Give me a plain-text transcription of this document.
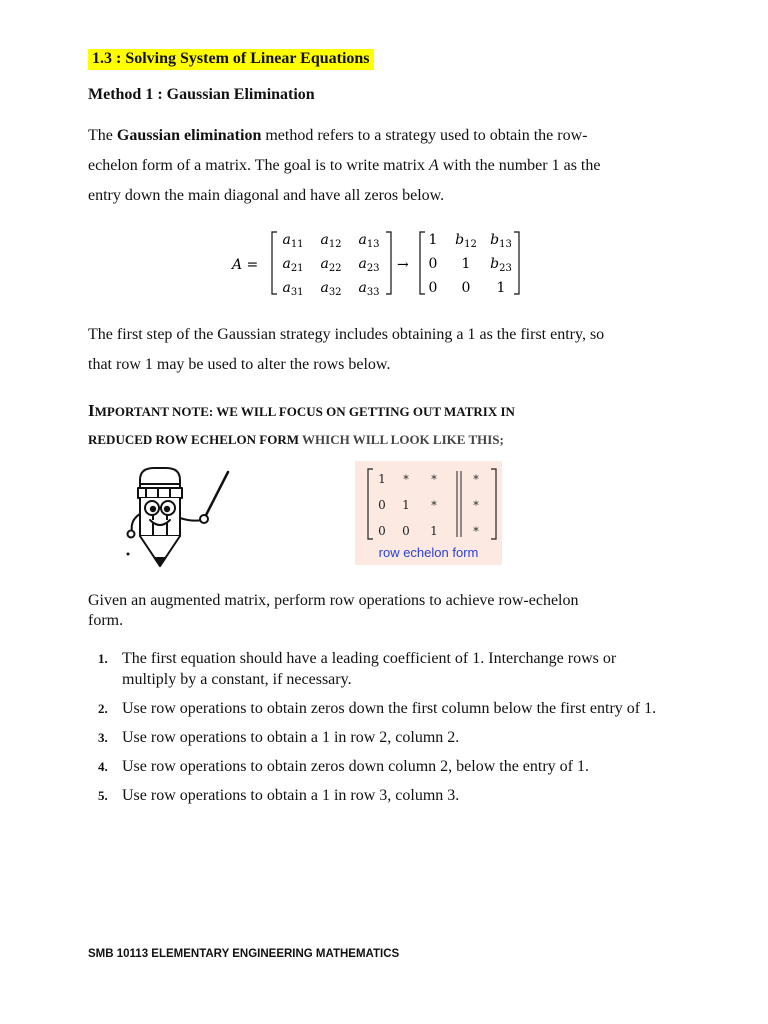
1.3 : Solving System of Linear Equations
Method 1 : Gaussian Elimination
The Gaussian elimination method refers to a strategy used to obtain the row-
echelon form of a matrix. The goal is to write matrix A with the number 1 as the
entry down the main diagonal and have all zeros below.
A =
$a_{11}$ $a_{12}$ $a_{13}$
$a_{21}$ $a_{22}$ $a_{23}$
$a_{31}$ $a_{32}$ $a_{33}$
→
1 $b_{12}$ $b_{13}$
0 1 $b_{23}$
0 0 1
The first step of the Gaussian strategy includes obtaining a 1 as the first entry, so
that row 1 may be used to alter the rows below.
IMPORTANT NOTE: WE WILL FOCUS ON GETTING OUT MATRIX IN
REDUCED ROW ECHELON FORM WHICH WILL LOOK LIKE THIS;
1 * *	*
0 1 *	*
0 0 1	*
row echelon form
Given an augmented matrix, perform row operations to achieve row-echelon
form.
1. The first equation should have a leading coefficient of 1. Interchange rows or multiply by a constant, if necessary.
2. Use row operations to obtain zeros down the first column below the first entry of 1.
3. Use row operations to obtain a 1 in row 2, column 2.
4. Use row operations to obtain zeros down column 2, below the entry of 1.
5. Use row operations to obtain a 1 in row 3, column 3.
SMB 10113 ELEMENTARY ENGINEERING MATHEMATICS
